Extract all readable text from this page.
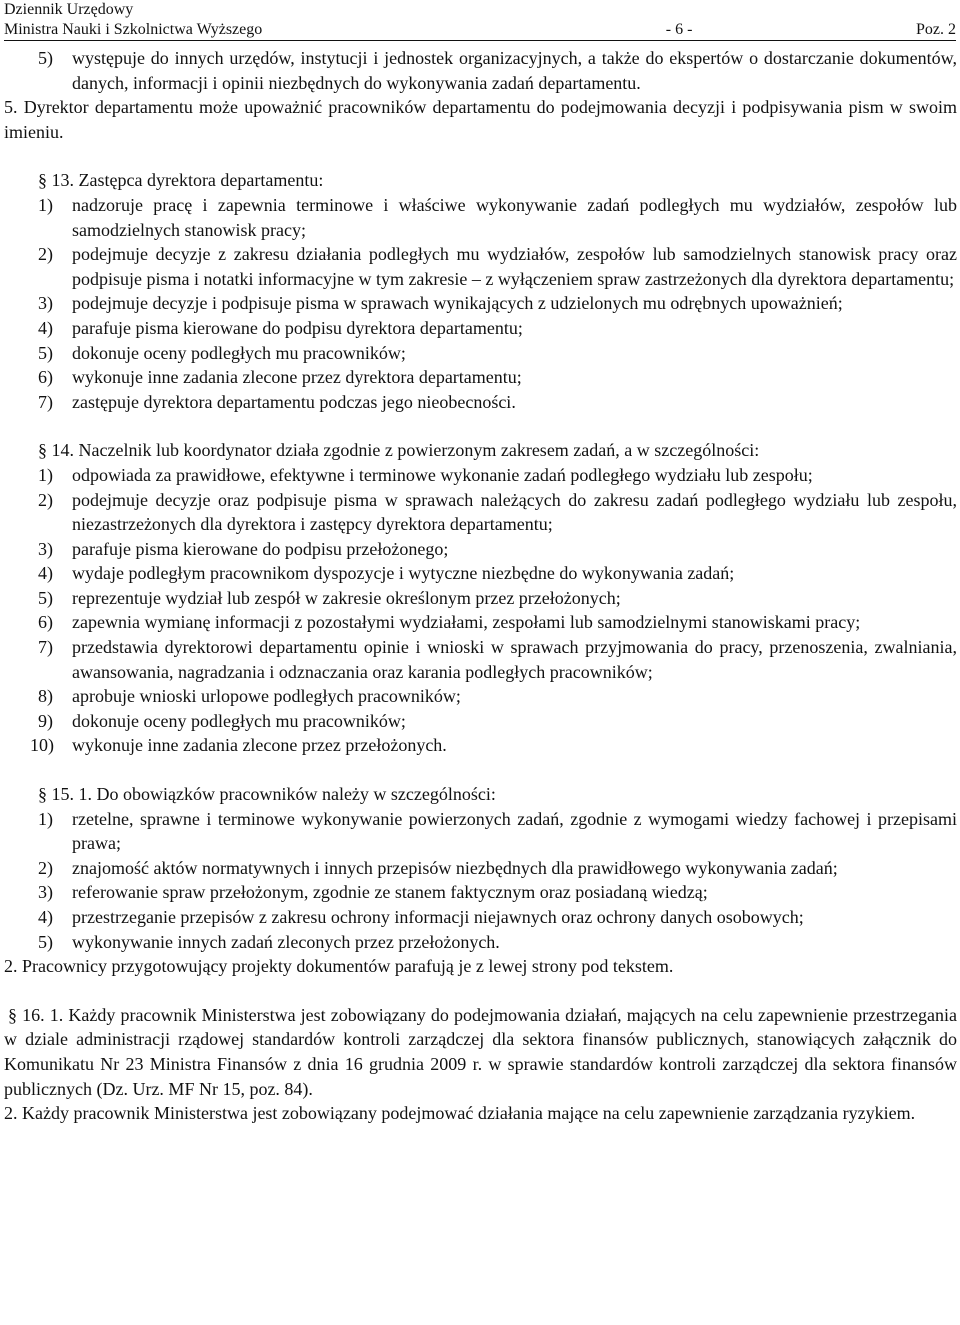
Dziennik Urzędowy
Ministra Nauki i Szkolnictwa Wyższego	- 6 -	Poz. 2
5)	występuje do innych urzędów, instytucji i jednostek organizacyjnych, a także do ekspertów o dostarczanie dokumentów, danych, informacji i opinii niezbędnych do wykonywania zadań departamentu.
5. Dyrektor departamentu może upoważnić pracowników departamentu do podejmowania decyzji i podpisywania pism w swoim imieniu.
§ 13. Zastępca dyrektora departamentu:
1)	nadzoruje pracę i zapewnia terminowe i właściwe wykonywanie zadań podległych mu wydziałów, zespołów lub samodzielnych stanowisk pracy;
2)	podejmuje decyzje z zakresu działania podległych mu wydziałów, zespołów lub samodzielnych stanowisk pracy oraz podpisuje pisma i notatki informacyjne w tym zakresie – z wyłączeniem spraw zastrzeżonych dla dyrektora departamentu;
3)	podejmuje decyzje i podpisuje pisma w sprawach wynikających z udzielonych mu odrębnych upoważnień;
4)	parafuje pisma kierowane do podpisu dyrektora departamentu;
5)	dokonuje oceny podległych mu pracowników;
6)	wykonuje inne zadania zlecone przez dyrektora departamentu;
7)	zastępuje dyrektora departamentu podczas jego nieobecności.
§ 14. Naczelnik lub koordynator działa zgodnie z powierzonym zakresem zadań, a w szczególności:
1)	odpowiada za prawidłowe, efektywne i terminowe wykonanie zadań podległego wydziału lub zespołu;
2)	podejmuje decyzje oraz podpisuje pisma w sprawach należących do zakresu zadań podległego wydziału lub zespołu, niezastrzeżonych dla dyrektora i zastępcy dyrektora departamentu;
3)	parafuje pisma kierowane do podpisu przełożonego;
4)	wydaje podległym pracownikom dyspozycje i wytyczne niezbędne do wykonywania zadań;
5)	reprezentuje wydział lub zespół w zakresie określonym przez przełożonych;
6)	zapewnia wymianę informacji z pozostałymi wydziałami, zespołami lub samodzielnymi stanowiskami pracy;
7)	przedstawia dyrektorowi departamentu opinie i wnioski w sprawach przyjmowania do pracy, przenoszenia, zwalniania, awansowania, nagradzania i odznaczania oraz karania podległych pracowników;
8)	aprobuje wnioski urlopowe podległych pracowników;
9)	dokonuje oceny podległych mu pracowników;
10)	wykonuje inne zadania zlecone przez przełożonych.
§ 15. 1. Do obowiązków pracowników należy w szczególności:
1)	rzetelne, sprawne i terminowe wykonywanie powierzonych zadań, zgodnie z wymogami wiedzy fachowej i przepisami prawa;
2)	znajomość aktów normatywnych i innych przepisów niezbędnych dla prawidłowego wykonywania zadań;
3)	referowanie spraw przełożonym, zgodnie ze stanem faktycznym oraz posiadaną wiedzą;
4)	przestrzeganie przepisów z zakresu ochrony informacji niejawnych oraz ochrony danych osobowych;
5)	wykonywanie innych zadań zleconych przez przełożonych.
2. Pracownicy przygotowujący projekty dokumentów parafują je z lewej strony pod tekstem.
§ 16. 1. Każdy pracownik Ministerstwa jest zobowiązany do podejmowania działań, mających na celu zapewnienie przestrzegania w dziale administracji rządowej standardów kontroli zarządczej dla sektora finansów publicznych, stanowiących załącznik do Komunikatu Nr 23 Ministra Finansów z dnia 16 grudnia 2009 r. w sprawie standardów kontroli zarządczej dla sektora finansów publicznych (Dz. Urz. MF Nr 15, poz. 84).
2. Każdy pracownik Ministerstwa jest zobowiązany podejmować działania mające na celu zapewnienie zarządzania ryzykiem.
